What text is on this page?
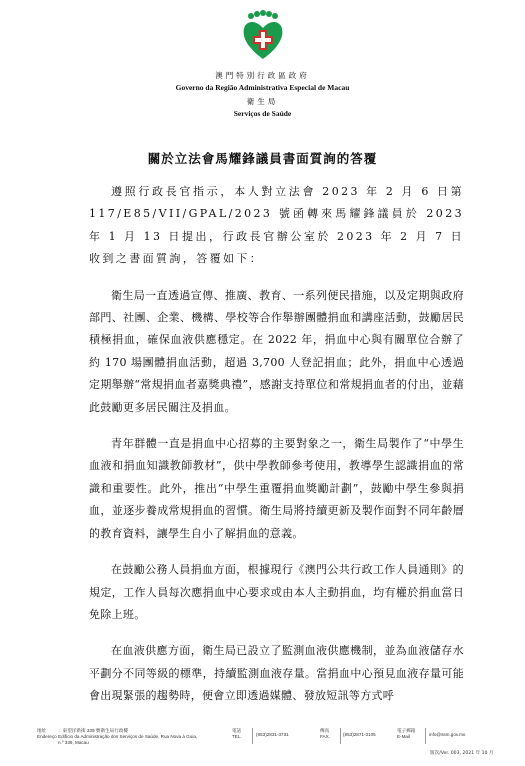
澳門特別行政區政府
Governo da Região Administrativa Especial de Macau
衛生局
Serviços de Saúde
關於立法會馬耀鋒議員書面質詢的答覆

遵照行政長官指示，本人對立法會 2023 年 2 月 6 日第 117/E85/VII/GPAL/2023 號函轉來馬耀鋒議員於 2023 年 1 月 13 日提出，行政長官辦公室於 2023 年 2 月 7 日收到之書面質詢，答覆如下：

衛生局一直透過宣傳、推廣、教育、一系列便民措施，以及定期與政府部門、社團、企業、機構、學校等合作舉辦團體捐血和講座活動，鼓勵居民積極捐血，確保血液供應穩定。在 2022 年，捐血中心與有關單位合辦了約 170 場團體捐血活動，超過 3,700 人登記捐血；此外，捐血中心透過定期舉辦“常規捐血者嘉獎典禮”，感謝支持單位和常規捐血者的付出，並藉此鼓勵更多居民關注及捐血。

青年群體一直是捐血中心招募的主要對象之一，衛生局製作了“中學生血液和捐血知識教師教材”，供中學教師參考使用，教導學生認識捐血的常識和重要性。此外，推出“中學生重覆捐血獎勵計劃”，鼓勵中學生參與捐血，並逐步養成常規捐血的習慣。衛生局將持續更新及製作面對不同年齡層的教育資料，讓學生自小了解捐血的意義。

在鼓勵公務人員捐血方面，根據現行《澳門公共行政工作人員通則》的規定，工作人員每次應捐血中心要求或由本人主動捐血，均有權於捐血當日免除上班。

在血液供應方面，衛生局已設立了監測血液供應機制，並為血液儲存水平劃分不同等級的標準，持續監測血液存量。當捐血中心預見血液存量可能會出現緊張的趨勢時，便會立即透過媒體、發放短訊等方式呼

地址
Endereço
：東望洋新街 339 號衛生局行政樓
Edifício da Administração dos Serviços de Saúde, Rua Nova à Guia, n.º 339, Macau
電話
TEL.	(853)2831-3731
傳真
FAX.	(853)2871-3105
電子郵箱
E-Mail	info@ssm.gov.mo
版次/Ver. 003, 2021 年 10 月
